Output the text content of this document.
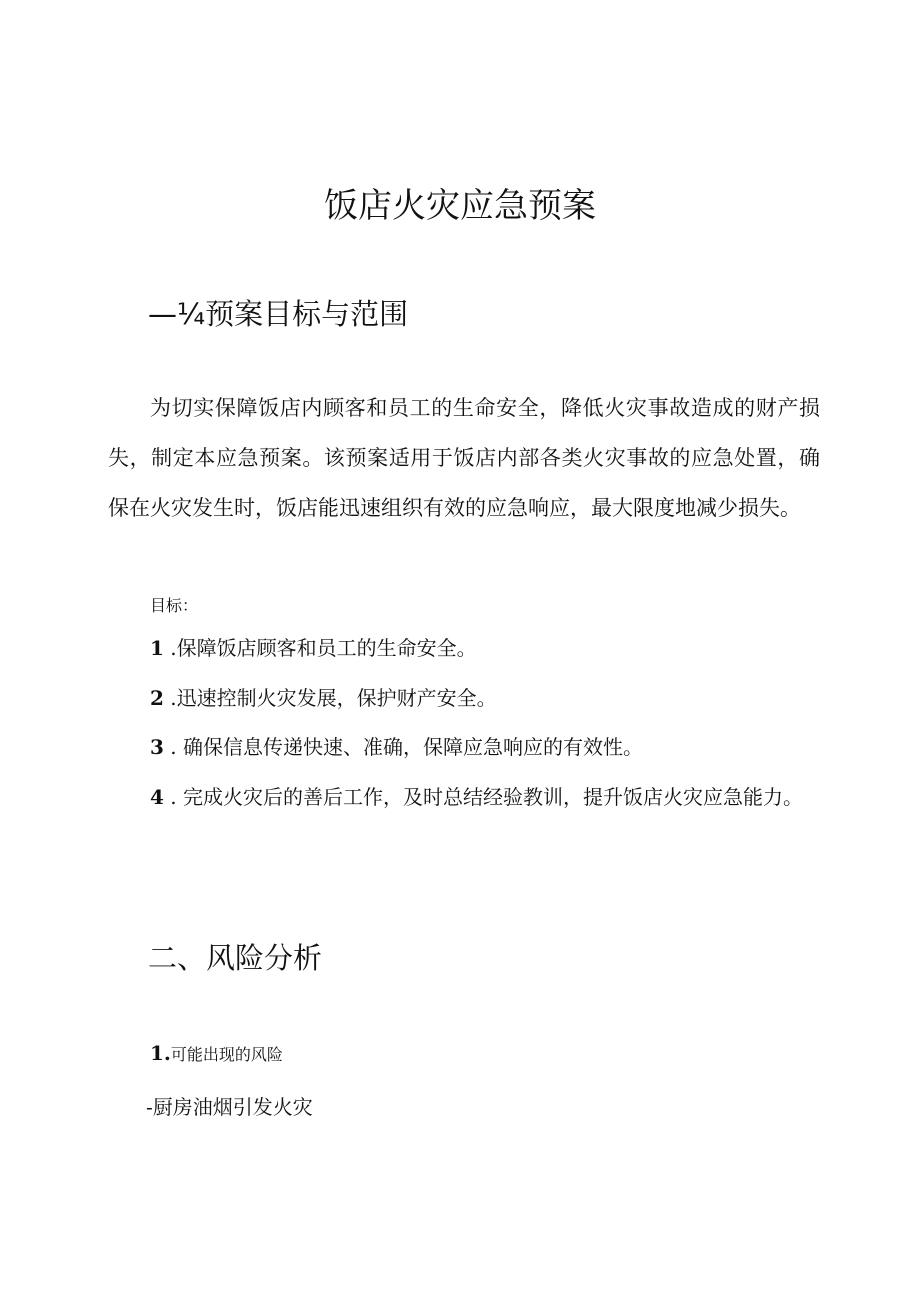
饭店火灾应急预案
—¼预案目标与范围

为切实保障饭店内顾客和员工的生命安全，降低火灾事故造成的财产损失，制定本应急预案。该预案适用于饭店内部各类火灾事故的应急处置，确保在火灾发生时，饭店能迅速组织有效的应急响应，最大限度地减少损失。

目标：

1 .保障饭店顾客和员工的生命安全。

2 .迅速控制火灾发展，保护财产安全。

3 . 确保信息传递快速、准确，保障应急响应的有效性。

4 . 完成火灾后的善后工作，及时总结经验教训，提升饭店火灾应急能力。

二、风险分析

1.可能出现的风险

-厨房油烟引发火灾
